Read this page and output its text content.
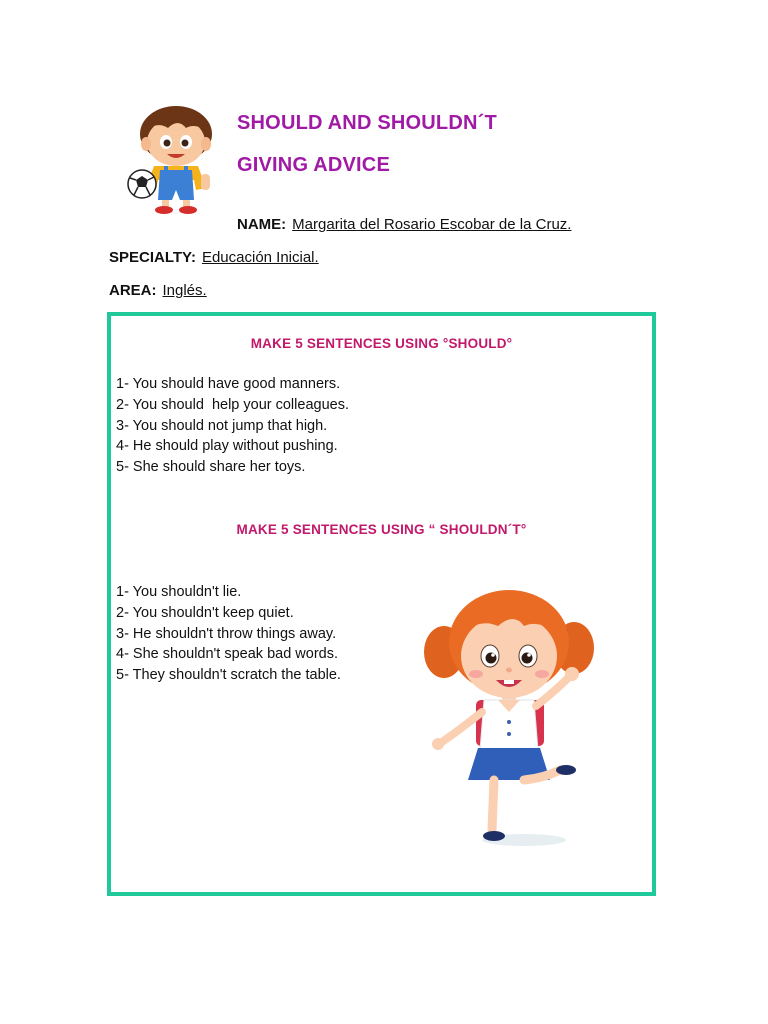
SHOULD AND SHOULDN´T
GIVING ADVICE
NAME: Margarita del Rosario Escobar de la Cruz.
SPECIALTY: Educación Inicial.
AREA: Inglés.
MAKE 5 SENTENCES USING °SHOULD°
1- You should have good manners.
2- You should  help your colleagues.
3- You should not jump that high.
4- He should play without pushing.
5- She should share her toys.
MAKE 5 SENTENCES USING “ SHOULDN´T°
1- You shouldn't lie.
2- You shouldn't keep quiet.
3- He shouldn't throw things away.
4- She shouldn't speak bad words.
5- They shouldn't scratch the table.
